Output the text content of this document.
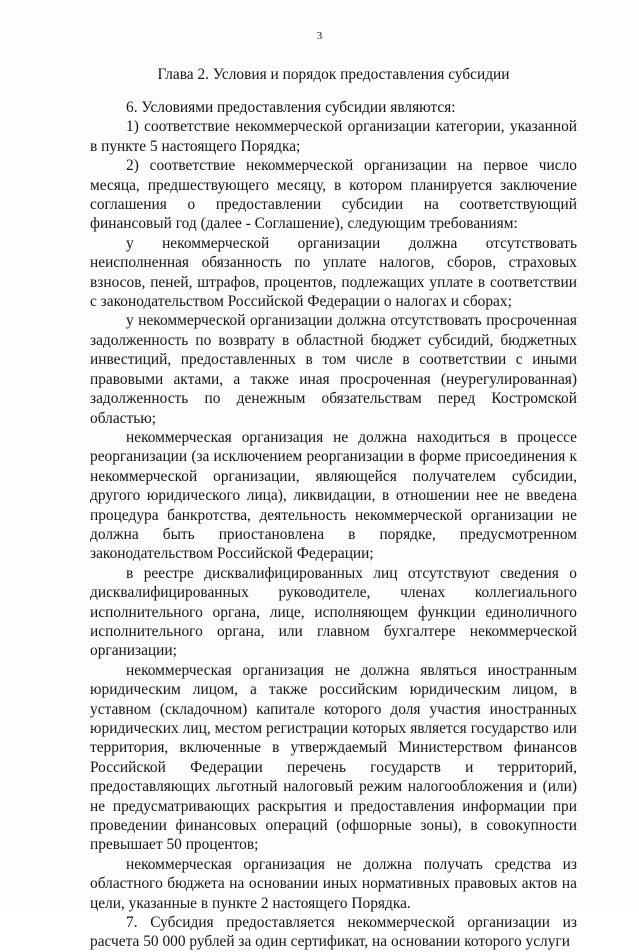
3
Глава 2. Условия и порядок предоставления субсидии

6. Условиями предоставления субсидии являются:

1) соответствие некоммерческой организации категории, указанной в пункте 5 настоящего Порядка;

2) соответствие некоммерческой организации на первое число месяца, предшествующего месяцу, в котором планируется заключение соглашения о предоставлении субсидии на соответствующий финансовый год (далее - Соглашение), следующим требованиям:

у некоммерческой организации должна отсутствовать неисполненная обязанность по уплате налогов, сборов, страховых взносов, пеней, штрафов, процентов, подлежащих уплате в соответствии с законодательством Российской Федерации о налогах и сборах;

у некоммерческой организации должна отсутствовать просроченная задолженность по возврату в областной бюджет субсидий, бюджетных инвестиций, предоставленных в том числе в соответствии с иными правовыми актами, а также иная просроченная (неурегулированная) задолженность по денежным обязательствам перед Костромской областью;

некоммерческая организация не должна находиться в процессе реорганизации (за исключением реорганизации в форме присоединения к некоммерческой организации, являющейся получателем субсидии, другого юридического лица), ликвидации, в отношении нее не введена процедура банкротства, деятельность некоммерческой организации не должна быть приостановлена в порядке, предусмотренном законодательством Российской Федерации;

в реестре дисквалифицированных лиц отсутствуют сведения о дисквалифицированных руководителе, членах коллегиального исполнительного органа, лице, исполняющем функции единоличного исполнительного органа, или главном бухгалтере некоммерческой организации;

некоммерческая организация не должна являться иностранным юридическим лицом, а также российским юридическим лицом, в уставном (складочном) капитале которого доля участия иностранных юридических лиц, местом регистрации которых является государство или территория, включенные в утверждаемый Министерством финансов Российской Федерации перечень государств и территорий, предоставляющих льготный налоговый режим налогообложения и (или) не предусматривающих раскрытия и предоставления информации при проведении финансовых операций (офшорные зоны), в совокупности превышает 50 процентов;

некоммерческая организация не должна получать средства из областного бюджета на основании иных нормативных правовых актов на цели, указанные в пункте 2 настоящего Порядка.

7. Субсидия предоставляется некоммерческой организации из расчета 50 000 рублей за один сертификат, на основании которого услуги
